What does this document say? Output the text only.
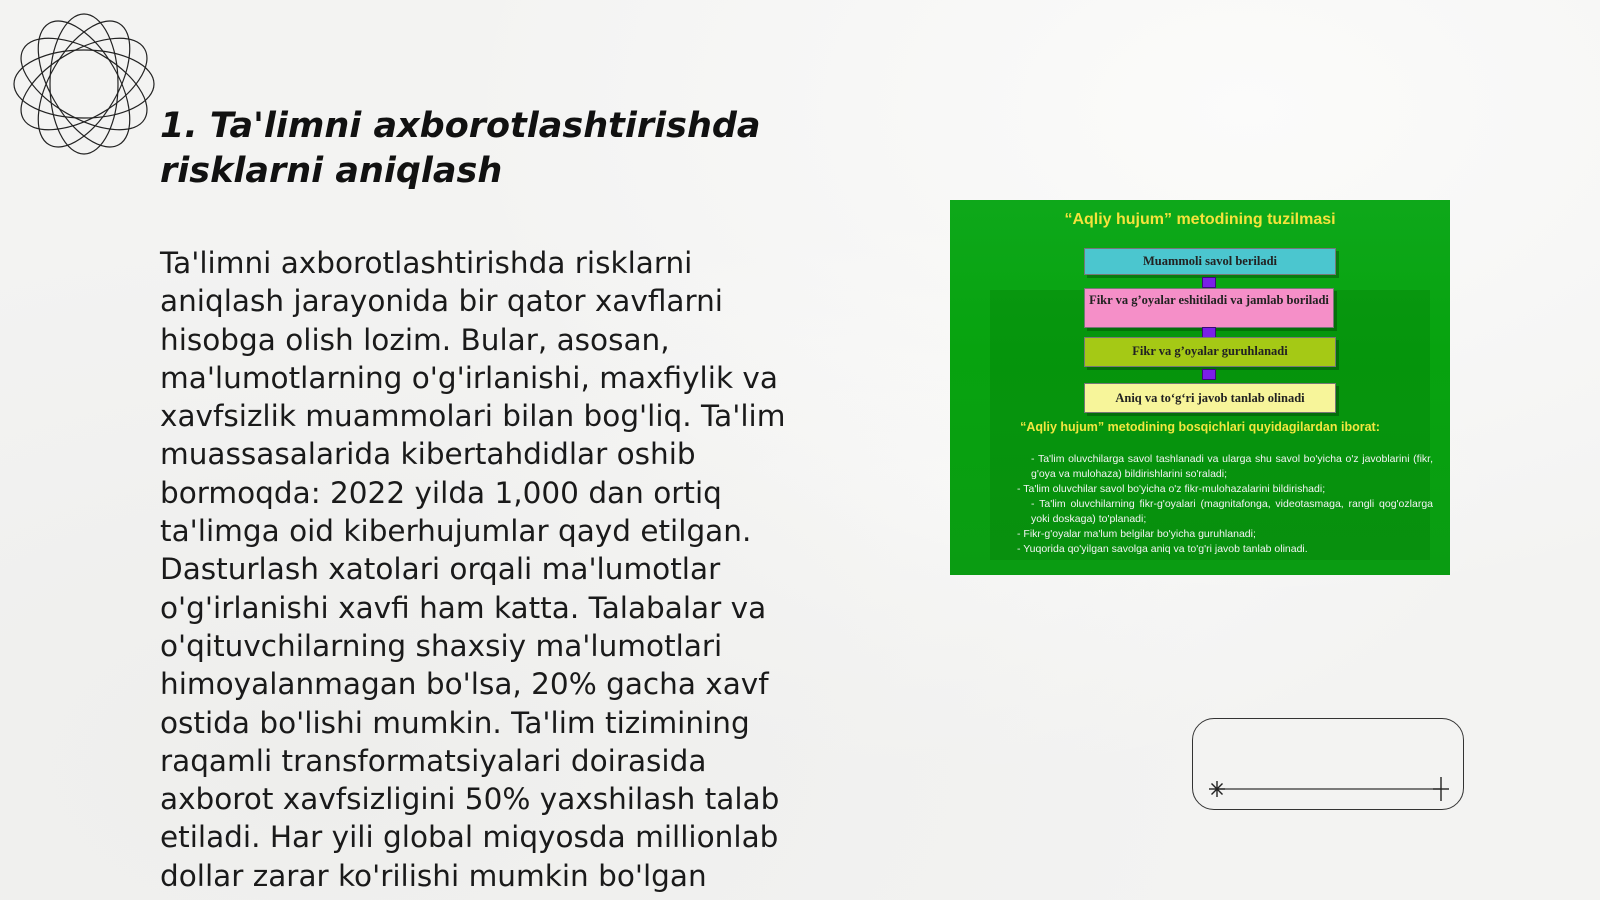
1. Ta'limni axborotlashtirishda risklarni aniqlash

Ta'limni axborotlashtirishda risklarni aniqlash jarayonida bir qator xavflarni hisobga olish lozim. Bular, asosan, ma'lumotlarning o'g'irlanishi, maxfiylik va xavfsizlik muammolari bilan bog'liq. Ta'lim muassasalarida kibertahdidlar oshib bormoqda: 2022 yilda 1,000 dan ortiq ta'limga oid kiberhujumlar qayd etilgan. Dasturlash xatolari orqali ma'lumotlar o'g'irlanishi xavfi ham katta. Talabalar va o'qituvchilarning shaxsiy ma'lumotlari himoyalanmagan bo'lsa, 20% gacha xavf ostida bo'lishi mumkin. Ta'lim tizimining raqamli transformatsiyalari doirasida axborot xavfsizligini 50% yaxshilash talab etiladi. Har yili global miqyosda millionlab dollar zarar ko'rilishi mumkin bo'lgan

“Aqliy hujum” metodining tuzilmasi
Muammoli savol beriladi
Fikr va g’oyalar eshitiladi va jamlab boriladi
Fikr va g’oyalar guruhlanadi
Aniq va to‘g‘ri javob tanlab olinadi
“Aqliy hujum” metodining bosqichlari quyidagilardan iborat:
- Ta'lim oluvchilarga savol tashlanadi va ularga shu savol bo'yicha o'z javoblarini (fikr, g'oya va mulohaza) bildirishlarini so'raladi;
- Ta'lim oluvchilar savol bo'yicha o'z fikr-mulohazalarini bildirishadi;
- Ta'lim oluvchilarning fikr-g'oyalari (magnitafonga, videotasmaga, rangli qog'ozlarga yoki doskaga) to'planadi;
- Fikr-g'oyalar ma'lum belgilar bo'yicha guruhlanadi;
- Yuqorida qo'yilgan savolga aniq va to'g'ri javob tanlab olinadi.
